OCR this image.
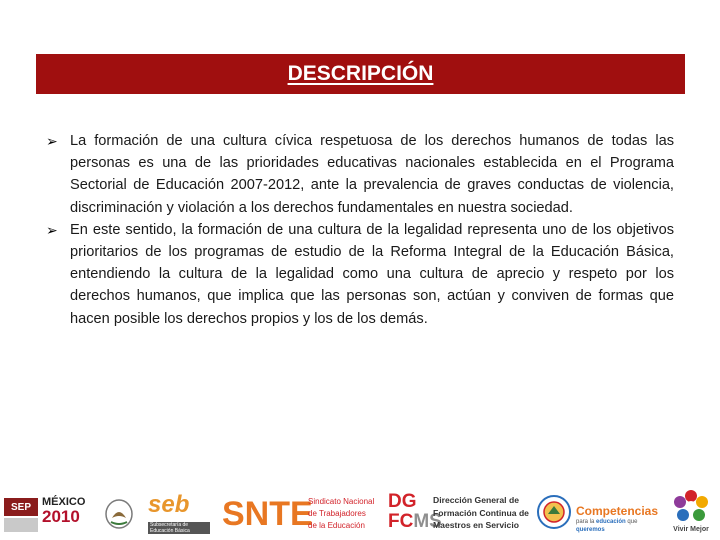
DESCRIPCIÓN
➢ La formación de una cultura cívica respetuosa de los derechos humanos de todas las personas es una de las prioridades educativas nacionales establecida en el Programa Sectorial de Educación 2007-2012, ante la prevalencia de graves conductas de violencia, discriminación y violación a los derechos fundamentales en nuestra sociedad.
➢ En este sentido, la formación de una cultura de la legalidad representa uno de los objetivos prioritarios de los programas de estudio de la Reforma Integral de la Educación Básica, entendiendo la cultura de la legalidad como una cultura de aprecio y respeto por los derechos humanos, que implica que las personas son, actúan y conviven de formas que hacen posible los derechos propios y los de los demás.
SEP	MÉXICO
2010	seb
Subsecretaría de Educación Básica SNTE
Sindicato Nacional
de Trabajadores
de la Educación
DG
FCMS
Dirección General de
Formación Continua de
Maestros en Servicio
Competencias
para la educación que queremos	Vivir Mejor
